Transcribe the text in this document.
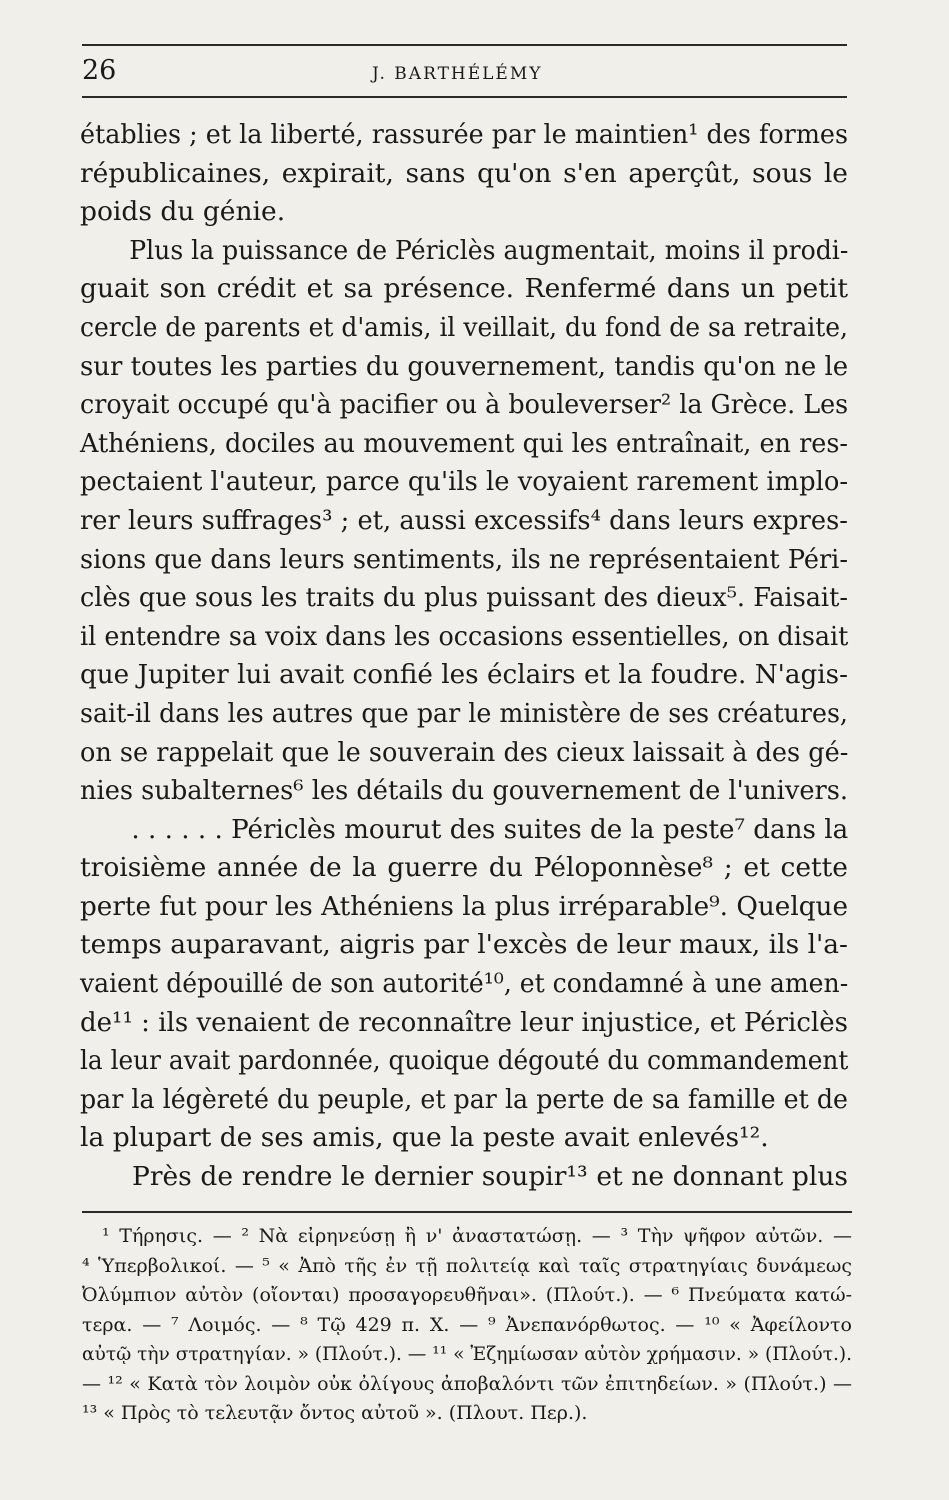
26	J. BARTHÉLÉMY
établies ; et la liberté, rassurée par le maintien¹ des formes
républicaines, expirait, sans qu'on s'en aperçût, sous le
poids du génie.
Plus la puissance de Périclès augmentait, moins il prodi-
guait son crédit et sa présence. Renfermé dans un petit
cercle de parents et d'amis, il veillait, du fond de sa retraite,
sur toutes les parties du gouvernement, tandis qu'on ne le
croyait occupé qu'à pacifier ou à bouleverser² la Grèce. Les
Athéniens, dociles au mouvement qui les entraînait, en res-
pectaient l'auteur, parce qu'ils le voyaient rarement implo-
rer leurs suffrages³ ; et, aussi excessifs⁴ dans leurs expres-
sions que dans leurs sentiments, ils ne représentaient Péri-
clès que sous les traits du plus puissant des dieux⁵. Faisait-
il entendre sa voix dans les occasions essentielles, on disait
que Jupiter lui avait confié les éclairs et la foudre. N'agis-
sait-il dans les autres que par le ministère de ses créatures,
on se rappelait que le souverain des cieux laissait à des gé-
nies subalternes⁶ les détails du gouvernement de l'univers.
. . . . . . Périclès mourut des suites de la peste⁷ dans la
troisième année de la guerre du Péloponnèse⁸ ; et cette
perte fut pour les Athéniens la plus irréparable⁹. Quelque
temps auparavant, aigris par l'excès de leur maux, ils l'a-
vaient dépouillé de son autorité¹⁰, et condamné à une amen-
de¹¹ : ils venaient de reconnaître leur injustice, et Périclès
la leur avait pardonnée, quoique dégouté du commandement
par la légèreté du peuple, et par la perte de sa famille et de
la plupart de ses amis, que la peste avait enlevés¹².
Près de rendre le dernier soupir¹³ et ne donnant plus
¹ Τήρησις. — ² Νὰ εἰρηνεύσῃ ἢ ν' ἀναστατώσῃ. — ³ Τὴν ψῆφον αὐτῶν. —
⁴ Ὑπερβολικοί. — ⁵ « Ἀπὸ τῆς ἐν τῇ πολιτείᾳ καὶ ταῖς στρατηγίαις δυνάμεως
Ὀλύμπιον αὐτὸν (οἴονται) προσαγορευθῆναι». (Πλούτ.). — ⁶ Πνεύματα κατώ-
τερα. — ⁷ Λοιμός. — ⁸ Τῷ 429 π. Χ. — ⁹ Ἀνεπανόρθωτος. — ¹⁰ « Ἀφείλοντο
αὐτῷ τὴν στρατηγίαν. » (Πλούτ.). — ¹¹ « Ἐζημίωσαν αὐτὸν χρήμασιν. » (Πλούτ.).
— ¹² « Κατὰ τὸν λοιμὸν οὐκ ὀλίγους ἀποβαλόντι τῶν ἐπιτηδείων. » (Πλούτ.) —
¹³ « Πρὸς τὸ τελευτᾷν ὄντος αὐτοῦ ». (Πλουτ. Περ.).
